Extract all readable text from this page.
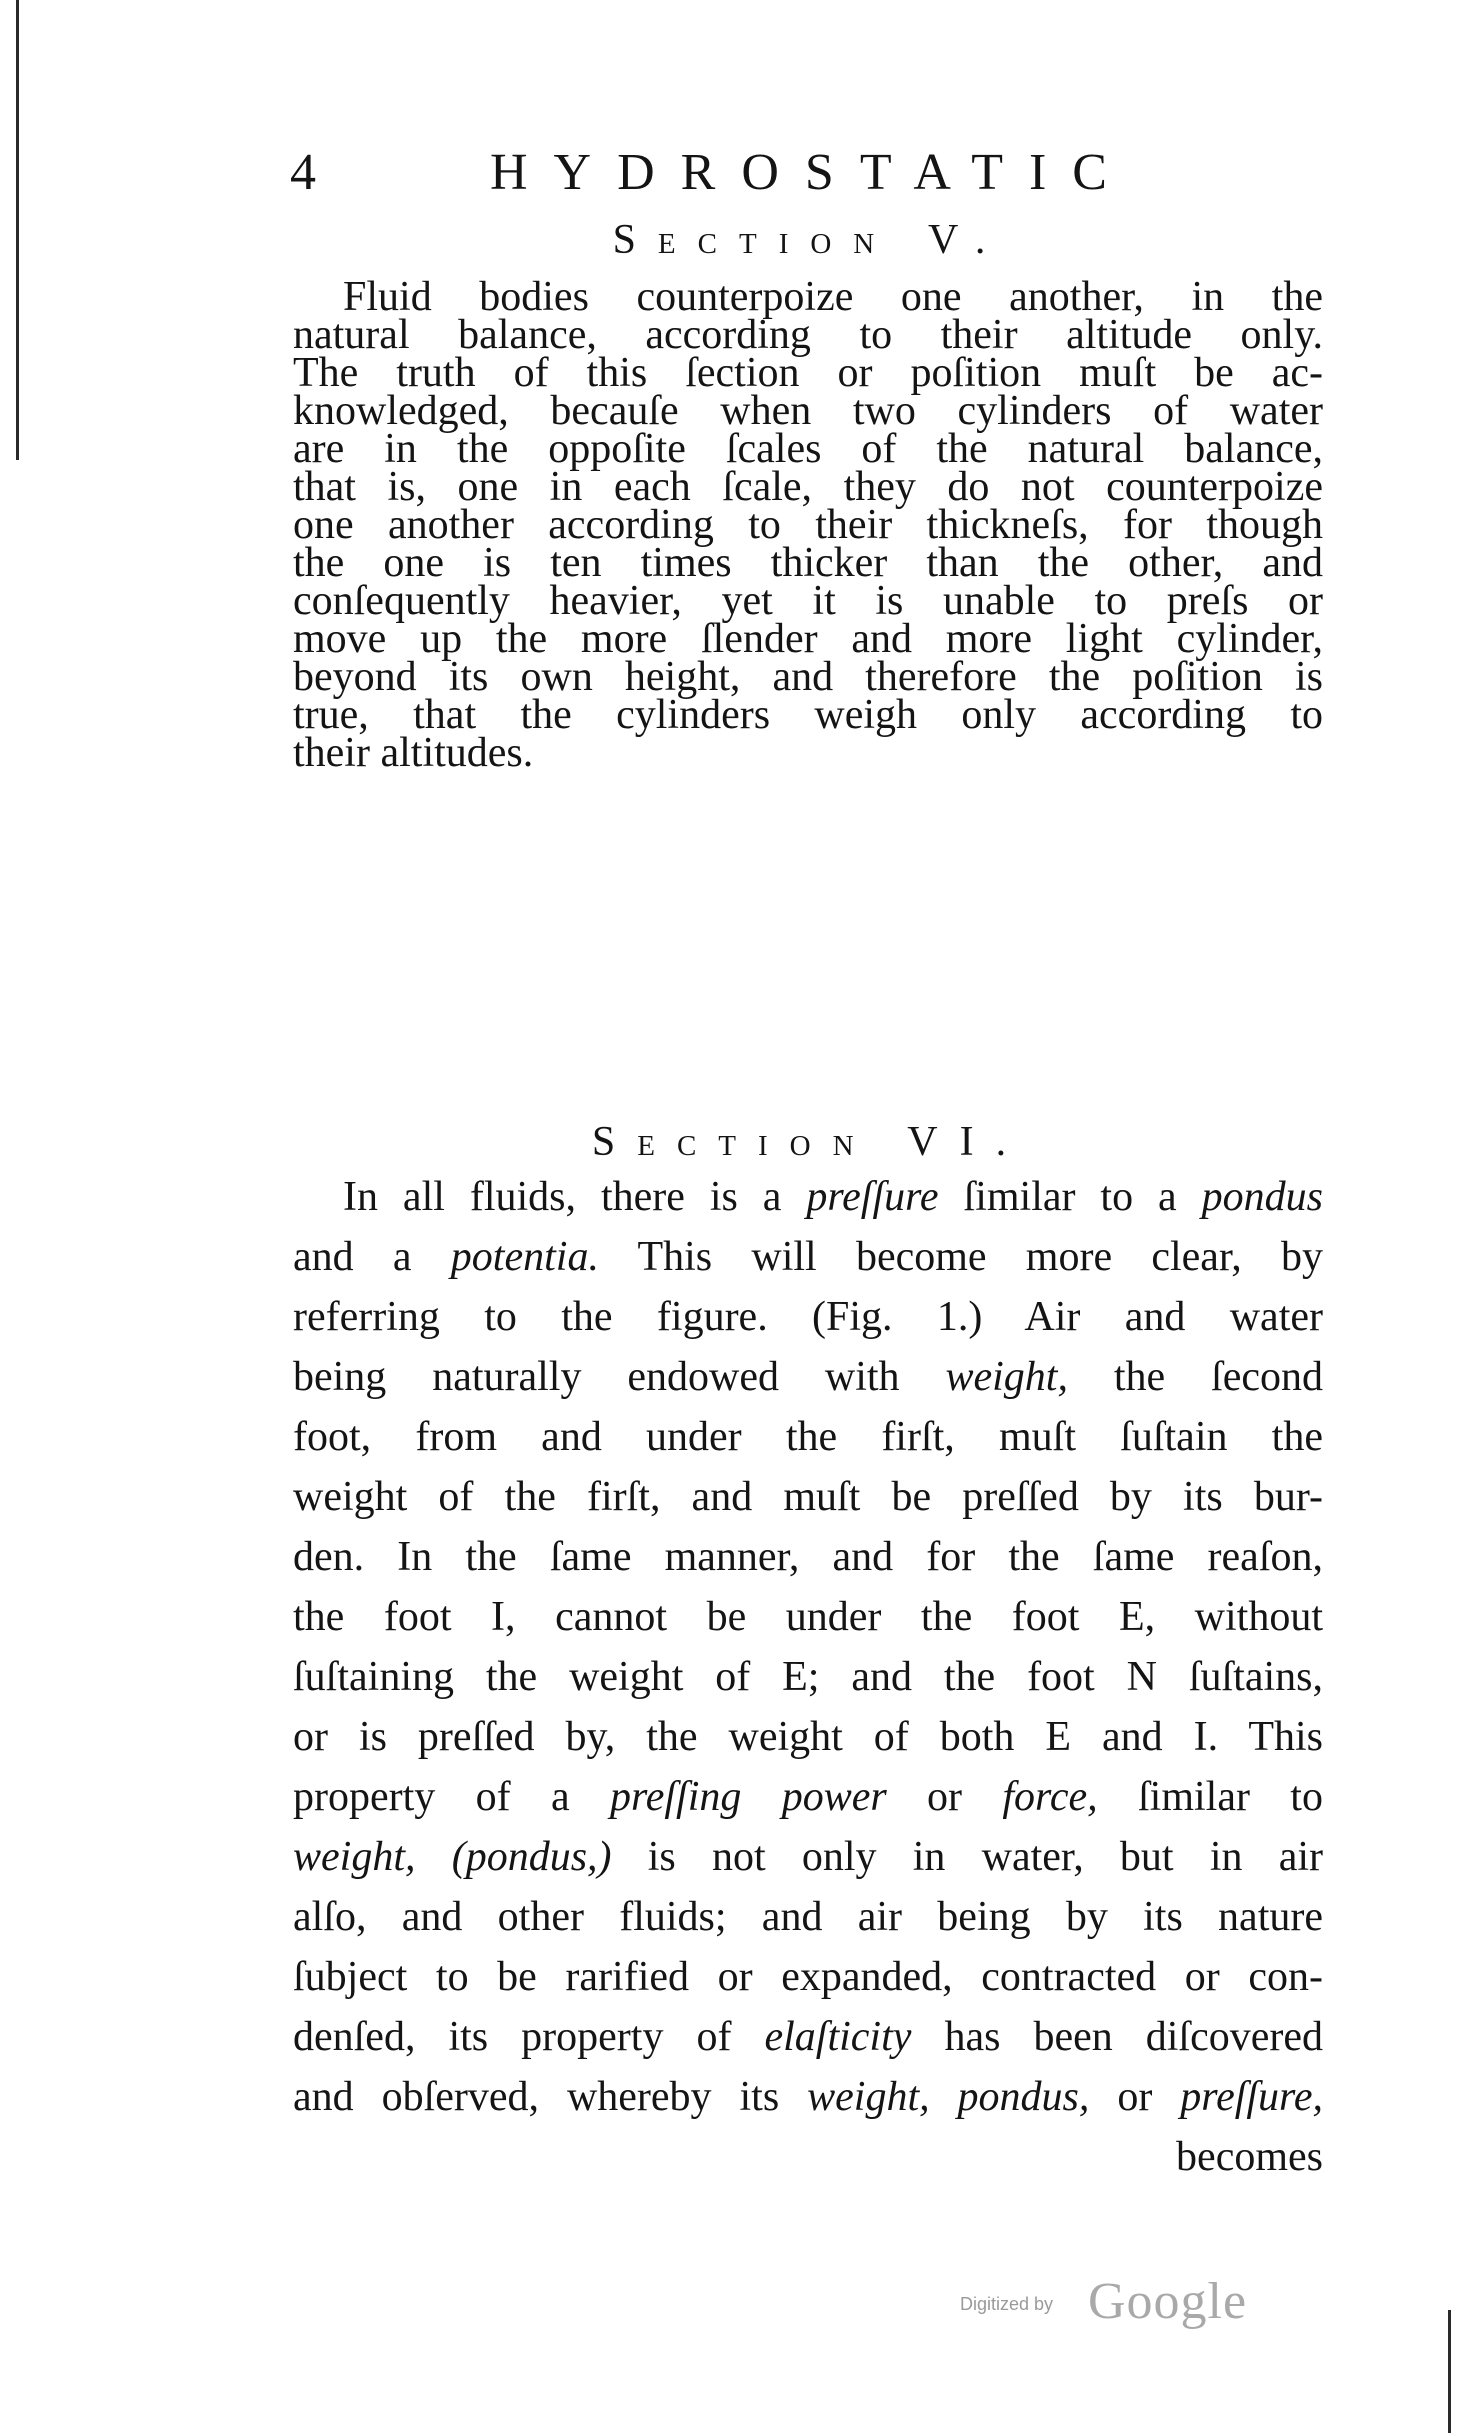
4	HYDROSTATIC
Section V.
Fluid bodies counterpoize one another, in the
natural balance, according to their altitude only.
The truth of this ſection or poſition muſt be ac-
knowledged, becauſe when two cylinders of water
are in the oppoſite ſcales of the natural balance,
that is, one in each ſcale, they do not counterpoize
one another according to their thickneſs, for though
the one is ten times thicker than the other, and
conſequently heavier, yet it is unable to preſs or
move up the more ſlender and more light cylinder,
beyond its own height, and therefore the poſition is
true, that the cylinders weigh only according to
their altitudes.
Section VI.
In all fluids, there is a preſſure ſimilar to a pondus
and a potentia. This will become more clear, by
referring to the figure. (Fig. 1.) Air and water
being naturally endowed with weight, the ſecond
foot, from and under the firſt, muſt ſuſtain the
weight of the firſt, and muſt be preſſed by its bur-
den. In the ſame manner, and for the ſame reaſon,
the foot I, cannot be under the foot E, without
ſuſtaining the weight of E; and the foot N ſuſtains,
or is preſſed by, the weight of both E and I. This
property of a preſſing power or force, ſimilar to
weight, (pondus,) is not only in water, but in air
alſo, and other fluids; and air being by its nature
ſubject to be rarified or expanded, contracted or con-
denſed, its property of elaſticity has been diſcovered
and obſerved, whereby its weight, pondus, or preſſure,
becomes
Digitized by Google
